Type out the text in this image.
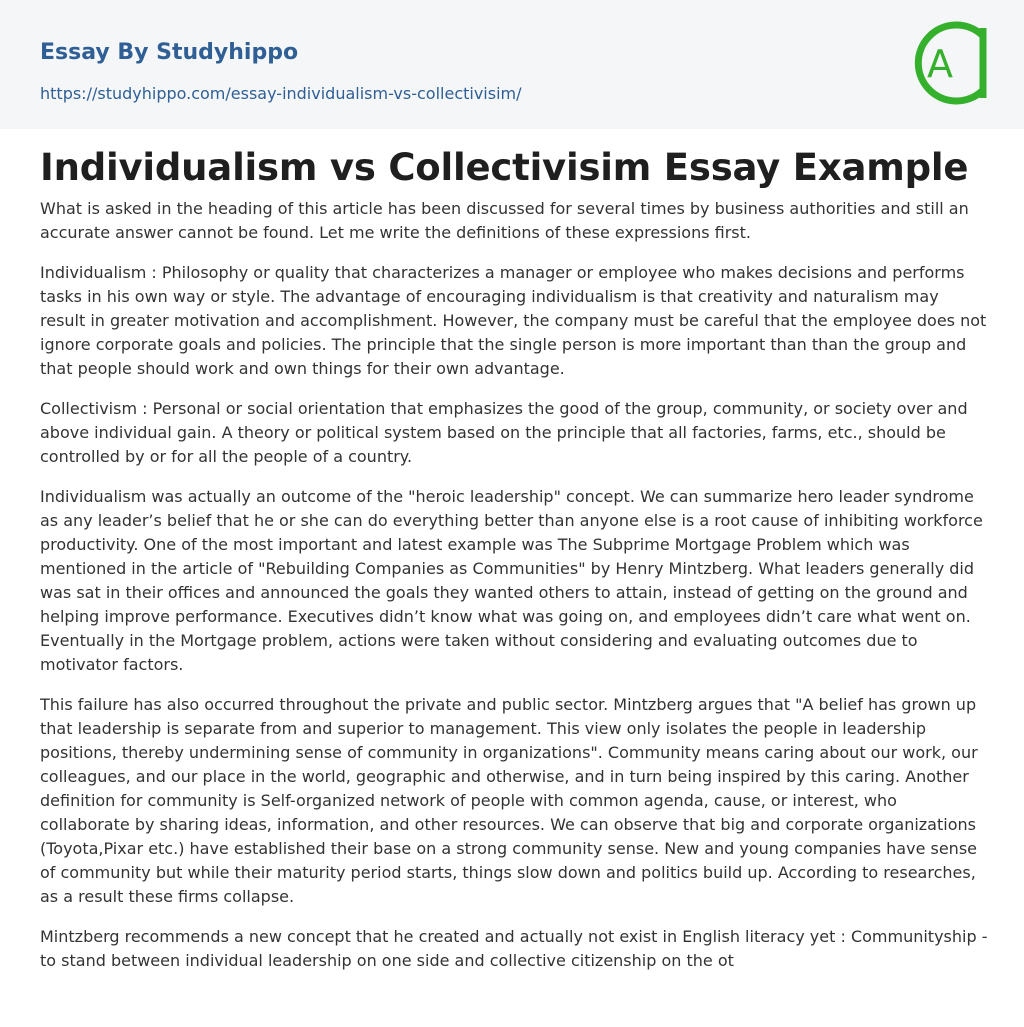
Essay By Studyhippo
https://studyhippo.com/essay-individualism-vs-collectivisim/
A
Individualism vs Collectivisim Essay Example

What is asked in the heading of this article has been discussed for several times by business authorities and still an accurate answer cannot be found. Let me write the definitions of these expressions first.

Individualism : Philosophy or quality that characterizes a manager or employee who makes decisions and performs tasks in his own way or style. The advantage of encouraging individualism is that creativity and naturalism may result in greater motivation and accomplishment. However, the company must be careful that the employee does not ignore corporate goals and policies. The principle that the single person is more important than than the group and that people should work and own things for their own advantage.

Collectivism : Personal or social orientation that emphasizes the good of the group, community, or society over and above individual gain. A theory or political system based on the principle that all factories, farms, etc., should be controlled by or for all the people of a country.

Individualism was actually an outcome of the "heroic leadership" concept. We can summarize hero leader syndrome as any leader’s belief that he or she can do everything better than anyone else is a root cause of inhibiting workforce productivity. One of the most important and latest example was The Subprime Mortgage Problem which was mentioned in the article of "Rebuilding Companies as Communities" by Henry Mintzberg. What leaders generally did was sat in their offices and announced the goals they wanted others to attain, instead of getting on the ground and helping improve performance. Executives didn’t know what was going on, and employees didn’t care what went on. Eventually in the Mortgage problem, actions were taken without considering and evaluating outcomes due to motivator factors.

This failure has also occurred throughout the private and public sector. Mintzberg argues that "A belief has grown up that leadership is separate from and superior to management. This view only isolates the people in leadership positions, thereby undermining sense of community in organizations". Community means caring about our work, our colleagues, and our place in the world, geographic and otherwise, and in turn being inspired by this caring. Another definition for community is Self-organized network of people with common agenda, cause, or interest, who collaborate by sharing ideas, information, and other resources. We can observe that big and corporate organizations (Toyota,Pixar etc.) have established their base on a strong community sense. New and young companies have sense of community but while their maturity period starts, things slow down and politics build up. According to researches, as a result these firms collapse.

Mintzberg recommends a new concept that he created and actually not exist in English literacy yet : Communityship - to stand between individual leadership on one side and collective citizenship on the ot
